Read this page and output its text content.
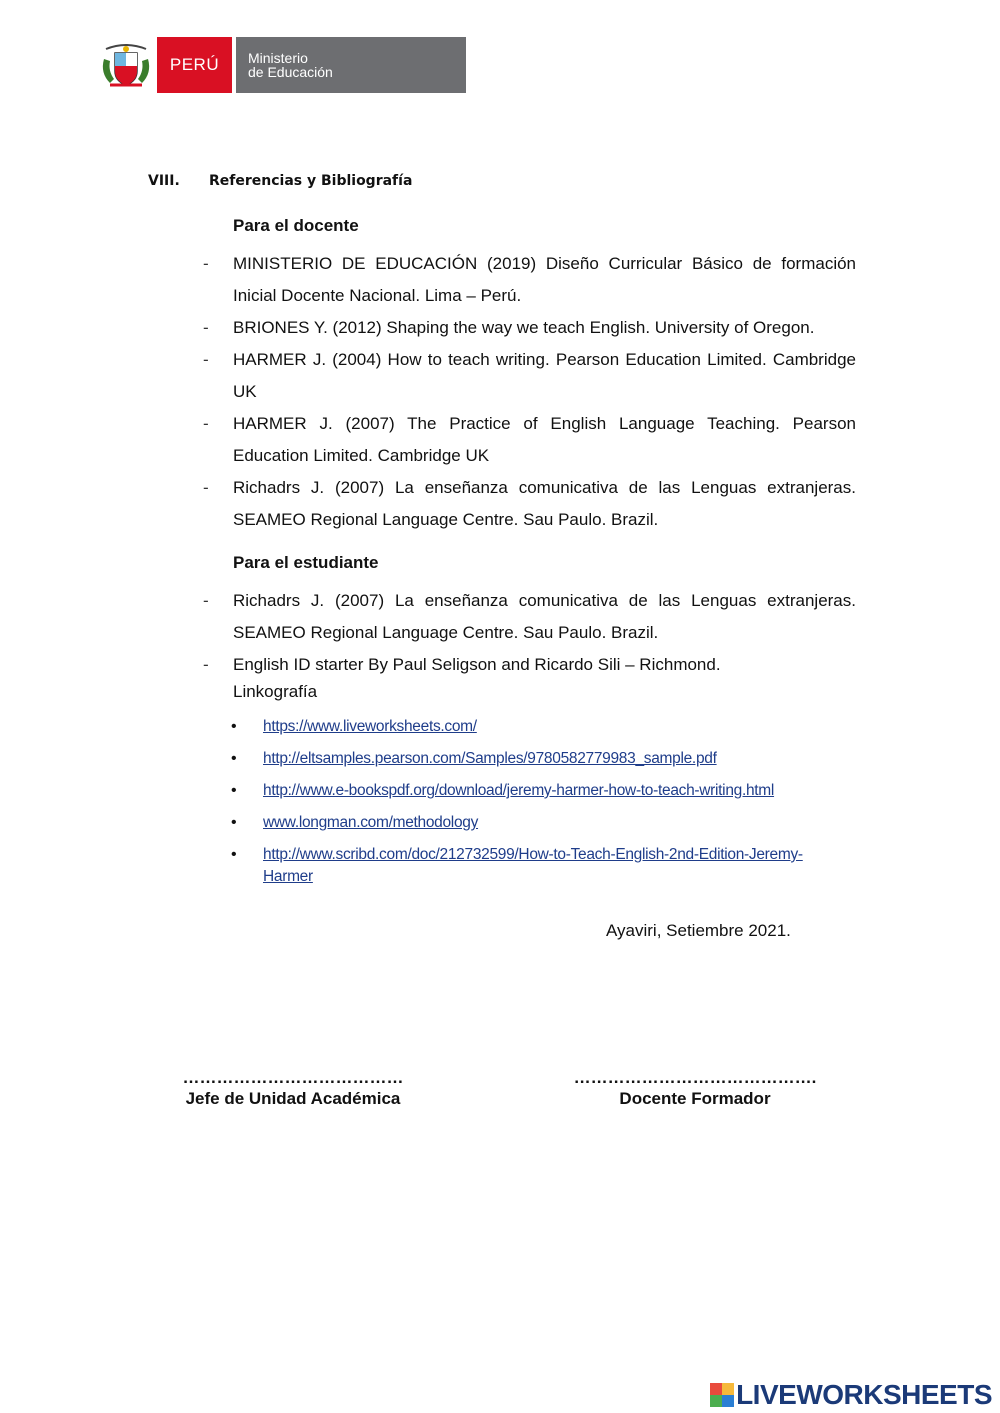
PERÚ Ministerio
de Educación
VIII. Referencias y Bibliografía
Para el docente
- MINISTERIO DE EDUCACIÓN (2019) Diseño Curricular Básico de formación Inicial Docente Nacional. Lima – Perú.
- BRIONES Y. (2012) Shaping the way we teach English. University of Oregon.
- HARMER J. (2004) How to teach writing. Pearson Education Limited. Cambridge UK
- HARMER J. (2007) The Practice of English Language Teaching. Pearson Education Limited. Cambridge UK
- Richadrs J. (2007) La enseñanza comunicativa de las Lenguas extranjeras. SEAMEO Regional Language Centre. Sau Paulo. Brazil.
Para el estudiante
- Richadrs J. (2007) La enseñanza comunicativa de las Lenguas extranjeras. SEAMEO Regional Language Centre. Sau Paulo. Brazil.
- English ID starter By Paul Seligson and Ricardo Sili – Richmond.
Linkografía
• https://www.liveworksheets.com/
• http://eltsamples.pearson.com/Samples/9780582779983_sample.pdf
• http://www.e-bookspdf.org/download/jeremy-harmer-how-to-teach-writing.html
• www.longman.com/methodology
• http://www.scribd.com/doc/212732599/How-to-Teach-English-2nd-Edition-Jeremy-Harmer
Ayaviri, Setiembre 2021.
…………………………………
Jefe de Unidad Académica
…………………………………….
Docente Formador
LIVEWORKSHEETS
